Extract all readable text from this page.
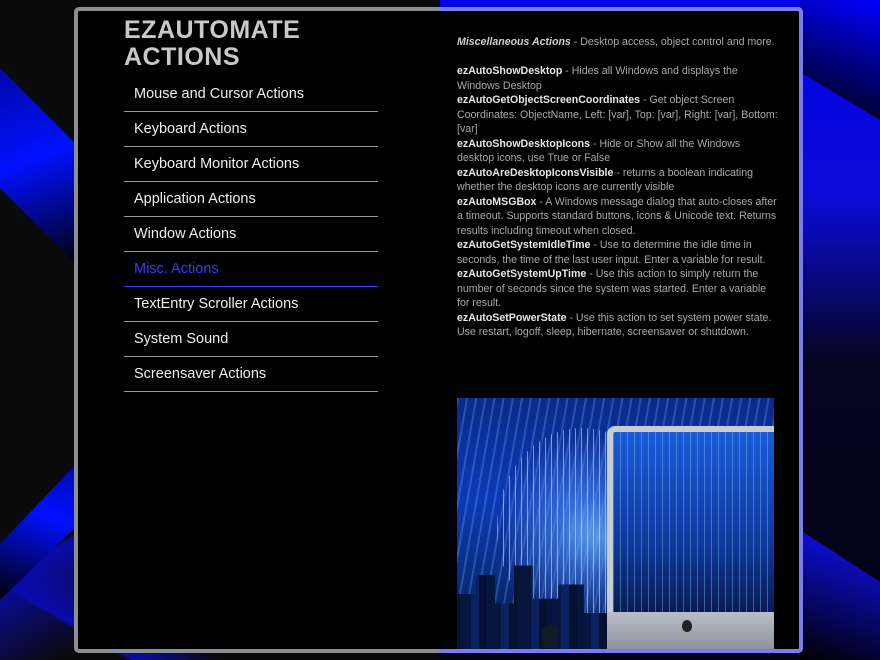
EZAUTOMATE ACTIONS
Mouse and Cursor Actions
Keyboard Actions
Keyboard Monitor Actions
Application Actions
Window Actions
Misc. Actions
TextEntry Scroller Actions
System Sound
Screensaver Actions

Miscellaneous Actions - Desktop access, object control and more.

ezAutoShowDesktop - Hides all Windows and displays the Windows Desktop

ezAutoGetObjectScreenCoordinates - Get object Screen Coordinates: ObjectName, Left: [var], Top: [var], Right: [var], Bottom: [var]

ezAutoShowDesktopIcons - Hide or Show all the Windows desktop icons, use True or False

ezAutoAreDesktopIconsVisible - returns a boolean indicating whether the desktop icons are currently visible

ezAutoMSGBox - A Windows message dialog that auto-closes after a timeout. Supports standard buttons, icons & Unicode text. Returns results including timeout when closed.

ezAutoGetSystemIdleTime - Use to determine the idle time in seconds, the time of the last user input. Enter a variable for result.

ezAutoGetSystemUpTime - Use this action to simply return the number of seconds since the system was started. Enter a variable for result.

ezAutoSetPowerState - Use this action to set system power state. Use restart, logoff, sleep, hibernate, screensaver or shutdown.
